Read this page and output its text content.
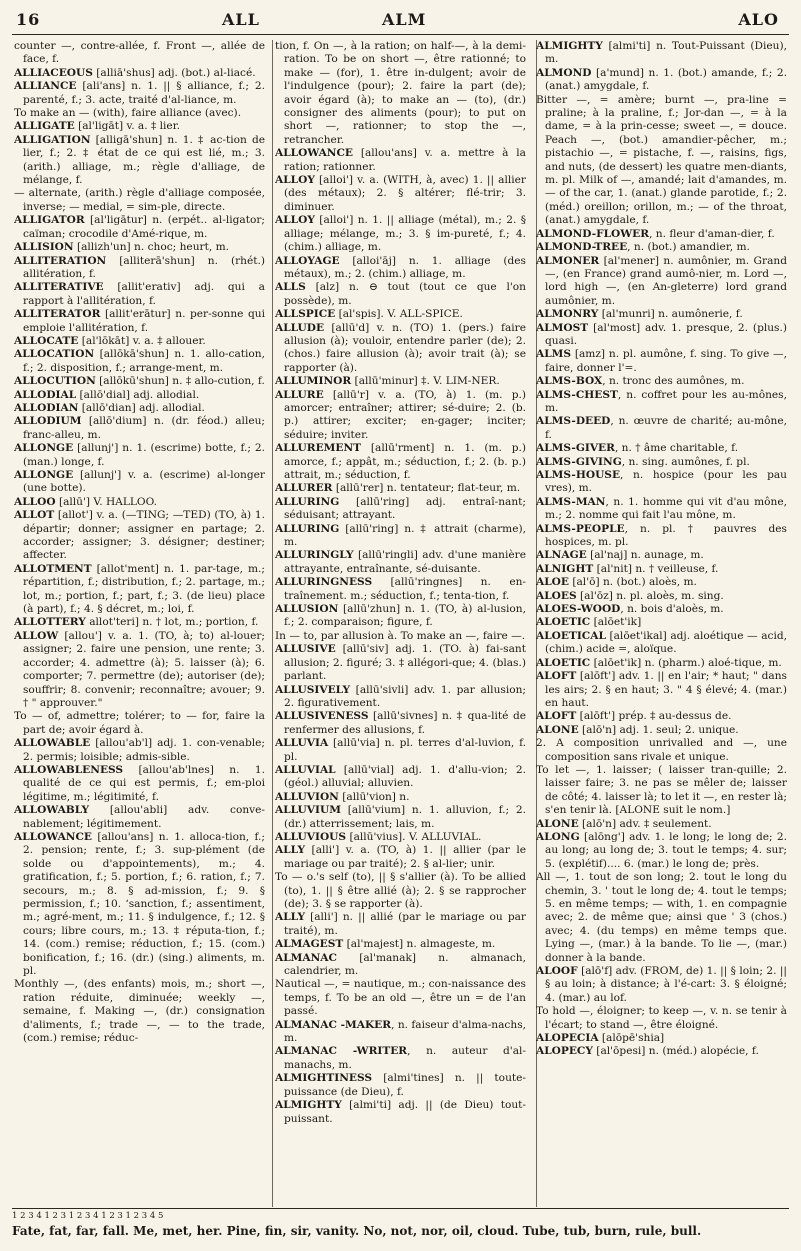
16	ALL	ALM	ALO

counter —, contre-allée, f. Front —, allée de face, f.

ALLIACEOUS [alliā'shus] adj. (bot.) al-liacé.

ALLIANCE [ali'ans] n. 1. || § alliance, f.; 2. parenté, f.; 3. acte, traité d'al-liance, m.

To make an — (with), faire alliance (avec).

ALLIGATE [al'ligāt] v. a. ‡ lier.

ALLIGATION [alligā'shun] n. 1. ‡ ac-tion de lier, f.; 2. ‡ état de ce qui est lié, m.; 3. (arith.) alliage, m.; règle d'alliage, de mélange, f.

— alternate, (arith.) règle d'alliage composée, inverse; — medial, = sim-ple, directe.

ALLIGATOR [al'ligātur] n. (erpét.. al-ligator; caïman; crocodile d'Amé-rique, m.

ALLISION [allizh'un] n. choc; heurt, m.

ALLITERATION [alliterā'shun] n. (rhét.) allitération, f.

ALLITERATIVE [allit'erativ] adj. qui a rapport à l'allitération, f.

ALLITERATOR [allit'erātur] n. per-sonne qui emploie l'allitération, f.

ALLOCATE [al'lōkāt] v. a. ‡ allouer.

ALLOCATION [allōkā'shun] n. 1. allo-cation, f.; 2. disposition, f.; arrange-ment, m.

ALLOCUTION [allōkū'shun] n. ‡ allo-cution, f.

ALLODIAL [allō'dial] adj. allodial.

ALLODIAN [allō'dian] adj. allodial.

ALLODIUM [allō'dium] n. (dr. féod.) alleu; franc-alleu, m.

ALLONGE [allunj'] n. 1. (escrime) botte, f.; 2. (man.) longe, f.

ALLONGE [allunj'] v. a. (escrime) al-longer (une botte).

ALLOO [allū'] V. HALLOO.

ALLOT [allot'] v. a. (—TING; —TED) (TO, à) 1. départir; donner; assigner en partage; 2. accorder; assigner; 3. désigner; destiner; affecter.

ALLOTMENT [allot'ment] n. 1. par-tage, m.; répartition, f.; distribution, f.; 2. partage, m.; lot, m.; portion, f.; part, f.; 3. (de lieu) place (à part), f.; 4. § décret, m.; loi, f.

ALLOTTERY allot'teri] n. † lot, m.; portion, f.

ALLOW [allou'] v. a. 1. (TO, à; to) al-louer; assigner; 2. faire une pension, une rente; 3. accorder; 4. admettre (à); 5. laisser (à); 6. comporter; 7. permettre (de); autoriser (de); souffrir; 8. convenir; reconnaître; avouer; 9. † " approuver."

To — of, admettre; tolérer; to — for, faire la part de; avoir égard à.

ALLOWABLE [allou'ab'l] adj. 1. con-venable; 2. permis; loisible; admis-sible.

ALLOWABLENESS [allou'ab'lnes] n. 1. qualité de ce qui est permis, f.; em-ploi légitime, m.; légitimité, f.

ALLOWABLY [allou'abli] adv. conve-nablement; légitimement.

ALLOWANCE [allou'ans] n. 1. alloca-tion, f.; 2. pension; rente, f.; 3. sup-plément (de solde ou d'appointements), m.; 4. gratification, f.; 5. portion, f.; 6. ration, f.; 7. secours, m.; 8. § ad-mission, f.; 9. § permission, f.; 10. ‘sanction, f.; assentiment, m.; agré-ment, m.; 11. § indulgence, f.; 12. § cours; libre cours, m.; 13. ‡ réputa-tion, f.; 14. (com.) remise; réduction, f.; 15. (com.) bonification, f.; 16. (dr.) (sing.) aliments, m. pl.

Monthly —, (des enfants) mois, m.; short —, ration réduite, diminuée; weekly —, semaine, f. Making —, (dr.) consignation d'aliments, f.; trade —, — to the trade, (com.) remise; réduc-

tion, f. On —, à la ration; on half-—, à la demi-ration. To be on short —, être rationné; to make — (for), 1. être in-dulgent; avoir de l'indulgence (pour); 2. faire la part (de); avoir égard (à); to make an — (to), (dr.) consigner des aliments (pour); to put on short —, rationner; to stop the —, retrancher.

ALLOWANCE [allou'ans] v. a. mettre à la ration; rationner.

ALLOY [alloi'] v. a. (WITH, à, avec) 1. || allier (des métaux); 2. § altérer; flé-trir; 3. diminuer.

ALLOY [alloi'] n. 1. || alliage (métal), m.; 2. § alliage; mélange, m.; 3. § im-pureté, f.; 4. (chim.) alliage, m.

ALLOYAGE [alloi'āj] n. 1. alliage (des métaux), m.; 2. (chim.) alliage, m.

ALLS [alz] n. ⊖ tout (tout ce que l'on possède), m.

ALLSPICE [al'spis]. V. ALL-SPICE.

ALLUDE [allū'd] v. n. (TO) 1. (pers.) faire allusion (à); vouloir, entendre parler (de); 2. (chos.) faire allusion (à); avoir trait (à); se rapporter (à).

ALLUMINOR [allū'minur] ‡. V. LIM-NER.

ALLURE [allū'r] v. a. (TO, à) 1. (m. p.) amorcer; entraîner; attirer; sé-duire; 2. (b. p.) attirer; exciter; en-gager; inciter; séduire; inviter.

ALLUREMENT [allū'rment] n. 1. (m. p.) amorce, f.; appât, m.; séduction, f.; 2. (b. p.) attrait, m.; séduction, f.

ALLURER [allū'rer] n. tentateur; flat-teur, m.

ALLURING [allū'ring] adj. entraî-nant; séduisant; attrayant.

ALLURING [allū'ring] n. ‡ attrait (charme), m.

ALLURINGLY [allū'ringli] adv. d'une manière attrayante, entraînante, sé-duisante.

ALLURINGNESS [allū'ringnes] n. en-traînement. m.; séduction, f.; tenta-tion, f.

ALLUSION [allū'zhun] n. 1. (TO, à) al-lusion, f.; 2. comparaison; figure, f.

In — to, par allusion à. To make an —, faire —.

ALLUSIVE [allū'siv] adj. 1. (TO. à) fai-sant allusion; 2. figuré; 3. ‡ allégori-que; 4. (blas.) parlant.

ALLUSIVELY [allū'sivli] adv. 1. par allusion; 2. figurativement.

ALLUSIVENESS [allū'sivnes] n. ‡ qua-lité de renfermer des allusions, f.

ALLUVIA [allū'via] n. pl. terres d'al-luvion, f. pl.

ALLUVIAL [allū'vial] adj. 1. d'allu-vion; 2. (géol.) alluvial; alluvien.

ALLUVION [allū'vion] n.

ALLUVIUM [allū'vium] n. 1. alluvion, f.; 2. (dr.) atterrissement; lais, m.

ALLUVIOUS [allū'vius]. V. ALLUVIAL.

ALLY [alli'] v. a. (TO, à) 1. || allier (par le mariage ou par traité); 2. § al-lier; unir.

To — o.'s self (to), || § s'allier (à). To be allied (to), 1. || § être allié (à); 2. § se rapprocher (de); 3. § se rapporter (à).

ALLY [alli'] n. || allié (par le mariage ou par traité), m.

ALMAGEST [al'majest] n. almageste, m.

ALMANAC [al'manak] n. almanach, calendrier, m.

Nautical —, = nautique, m.; con-naissance des temps, f. To be an old —, être un = de l'an passé.

ALMANAC -MAKER, n. faiseur d'alma-nachs, m.

ALMANAC -WRITER, n. auteur d'al-manachs, m.

ALMIGHTINESS [almi'tines] n. || toute-puissance (de Dieu), f.

ALMIGHTY [almi'ti] adj. || (de Dieu) tout-puissant.

ALMIGHTY [almi'ti] n. Tout-Puissant (Dieu), m.

ALMOND [a'mund] n. 1. (bot.) amande, f.; 2. (anat.) amygdale, f.

Bitter —, = amère; burnt —, pra-line = praline; à la praline, f.; Jor-dan —, = à la dame, = à la prin-cesse; sweet —, = douce. Peach —, (bot.) amandier-pêcher, m.; pistachio —, = pistache, f. —, raisins, figs, and nuts, (de dessert) les quatre men-diants, m. pl. Milk of —, amandé; lait d'amandes, m. — of the car, 1. (anat.) glande parotide, f.; 2. (méd.) oreillon; orillon, m.; — of the throat, (anat.) amygdale, f.

ALMOND-FLOWER, n. fleur d'aman-dier, f.

ALMOND-TREE, n. (bot.) amandier, m.

ALMONER [al'mener] n. aumônier, m. Grand —, (en France) grand aumô-nier, m. Lord —, lord high —, (en An-gleterre) lord grand aumônier, m.

ALMONRY [al'munri] n. aumônerie, f.

ALMOST [al'most] adv. 1. presque, 2. (plus.) quasi.

ALMS [amz] n. pl. aumône, f. sing. To give —, faire, donner l'=.

ALMS-BOX, n. tronc des aumônes, m.

ALMS-CHEST, n. coffret pour les au-mônes, m.

ALMS-DEED, n. œuvre de charité; au-mône, f.

ALMS-GIVER, n. † âme charitable, f.

ALMS-GIVING, n. sing. aumônes, f. pl.

ALMS-HOUSE, n. hospice (pour les pau vres), m.

ALMS-MAN, n. 1. homme qui vit d'au mône, m.; 2. nomme qui fait l'au mône, m.

ALMS-PEOPLE, n. pl. † pauvres des hospices, m. pl.

ALNAGE [al'naj] n. aunage, m.

ALNIGHT [al'nit] n. † veilleuse, f.

ALOE [al'ō] n. (bot.) aloès, m.

ALOES [al'ōz] n. pl. aloès, m. sing.

ALOES-WOOD, n. bois d'aloès, m.

ALOETIC [alōet'ik]

ALOETICAL [alōet'ikal] adj. aloétique — acid, (chim.) acide =, aloïque.

ALOETIC [alōet'ik] n. (pharm.) aloé-tique, m.

ALOFT [alōft'] adv. 1. || en l'air; * haut; " dans les airs; 2. § en haut; 3. " 4 § élevé; 4. (mar.) en haut.

ALOFT [alōft'] prép. ‡ au-dessus de.

ALONE [alō'n] adj. 1. seul; 2. unique.

2. A composition unrivalled and —, une composition sans rivale et unique.

To let —, 1. laisser; ( laisser tran-quille; 2. laisser faire; 3. ne pas se mêler de; laisser de côté; 4. laisser là; to let it —, en rester là; s'en tenir là. [ALONE suit le nom.]

ALONE [alō'n] adv. ‡ seulement.

ALONG [alōng'] adv. 1. le long; le long de; 2. au long; au long de; 3. tout le temps; 4. sur; 5. (explétif).... 6. (mar.) le long de; près.

All —, 1. tout de son long; 2. tout le long du chemin, 3. ' tout le long de; 4. tout le temps; 5. en même temps; — with, 1. en compagnie avec; 2. de même que; ainsi que ' 3 (chos.) avec; 4. (du temps) en même temps que. Lying —, (mar.) à la bande. To lie —, (mar.) donner à la bande.

ALOOF [alō'f] adv. (FROM, de) 1. || § loin; 2. || § au loin; à distance; à l'é-cart: 3. § éloigné; 4. (mar.) au lof.

To hold —, éloigner; to keep —, v. n. se tenir à l'écart; to stand —, être éloigné.

ALOPECIA [alōpē'shia]

ALOPECY [al'ōpesi] n. (méd.) alopécie, f.

1 2 3 4 1 2 3 1 2 3 4 1 2 3 1 2 3 4 5
Fate, fat, far, fall. Me, met, her. Pine, fin, sir, vanity. No, not, nor, oil, cloud. Tube, tub, burn, rule, bull.
